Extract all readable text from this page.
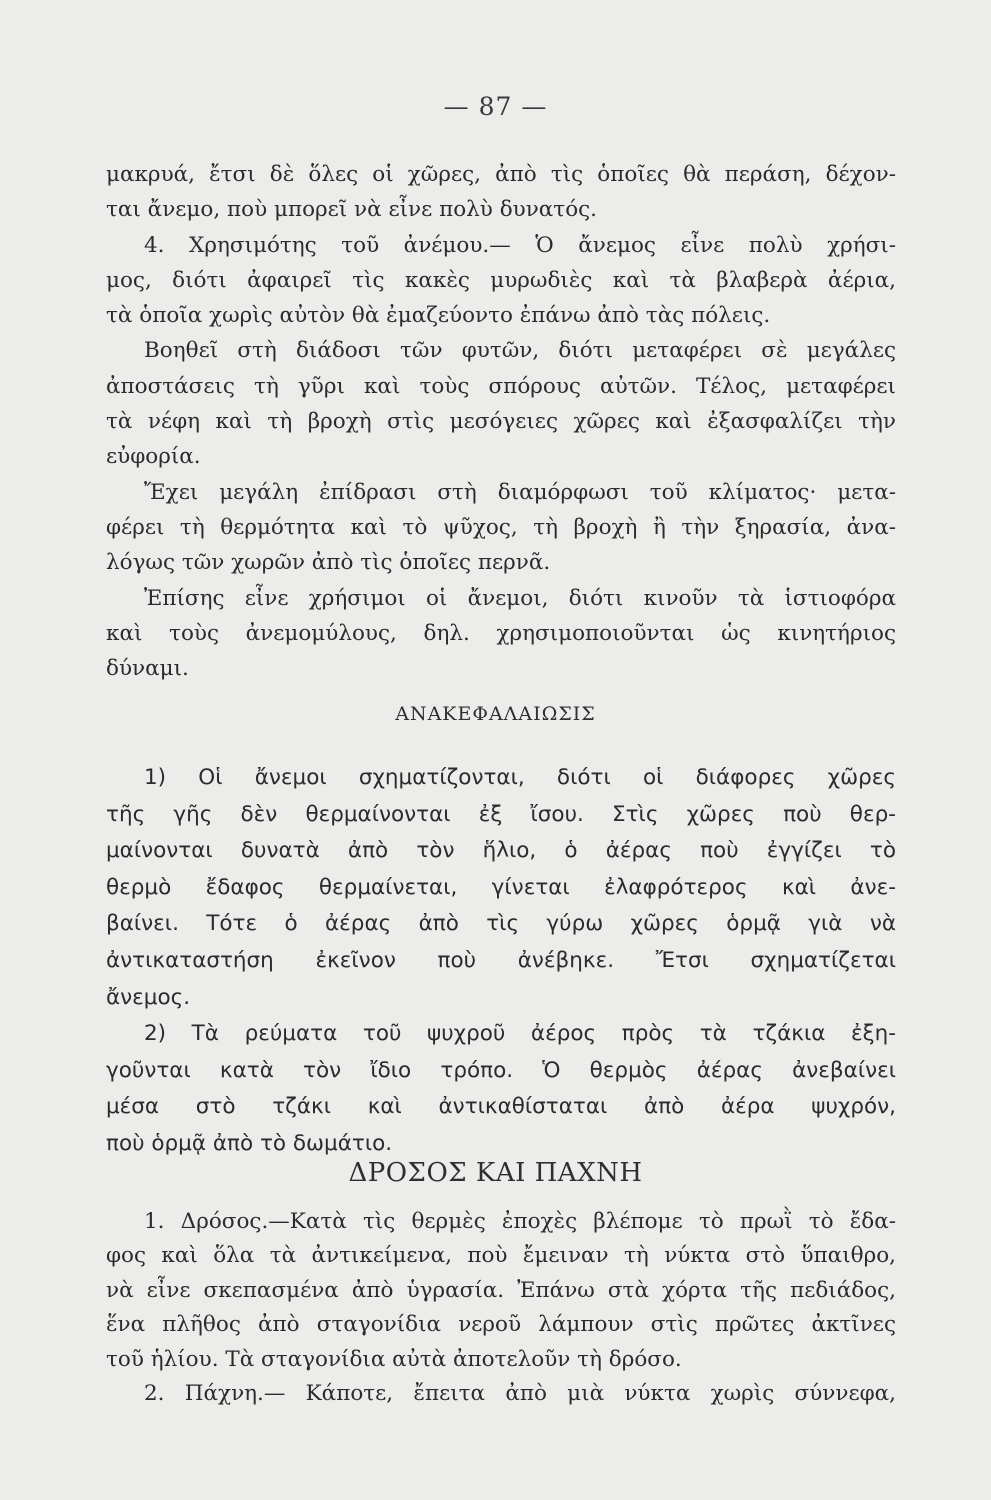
— 87 —
μακρυά, ἔτσι δὲ ὅλες οἱ χῶρες, ἀπὸ τὶς ὁποῖες θὰ περάση, δέχον-
ται ἄνεμο, ποὺ μπορεῖ νὰ εἶνε πολὺ δυνατός.
4. Χρησιμότης τοῦ ἀνέμου.— Ὁ ἄνεμος εἶνε πολὺ χρήσι-
μος, διότι ἀφαιρεῖ τὶς κακὲς μυρωδιὲς καὶ τὰ βλαβερὰ ἀέρια,
τὰ ὁποῖα χωρὶς αὐτὸν θὰ ἐμαζεύοντο ἐπάνω ἀπὸ τὰς πόλεις.
Βοηθεῖ στὴ διάδοσι τῶν φυτῶν, διότι μεταφέρει σὲ μεγάλες
ἀποστάσεις τὴ γῦρι καὶ τοὺς σπόρους αὐτῶν. Τέλος, μεταφέρει
τὰ νέφη καὶ τὴ βροχὴ στὶς μεσόγειες χῶρες καὶ ἐξασφαλίζει τὴν
εὐφορία.
Ἔχει μεγάλη ἐπίδρασι στὴ διαμόρφωσι τοῦ κλίματος· μετα-
φέρει τὴ θερμότητα καὶ τὸ ψῦχος, τὴ βροχὴ ἢ τὴν ξηρασία, ἀνα-
λόγως τῶν χωρῶν ἀπὸ τὶς ὁποῖες περνᾶ.
Ἐπίσης εἶνε χρήσιμοι οἱ ἄνεμοι, διότι κινοῦν τὰ ἱστιοφόρα
καὶ τοὺς ἀνεμομύλους, δηλ. χρησιμοποιοῦνται ὡς κινητήριος
δύναμι.
ΑΝΑΚΕΦΑΛΑΙΩΣΙΣ
1) Οἱ ἄνεμοι σχηματίζονται, διότι οἱ διάφορες χῶρες
τῆς γῆς δὲν θερμαίνονται ἐξ ἴσου. Στὶς χῶρες ποὺ θερ-
μαίνονται δυνατὰ ἀπὸ τὸν ἥλιο, ὁ ἀέρας ποὺ ἐγγίζει τὸ
θερμὸ ἔδαφος θερμαίνεται, γίνεται ἐλαφρότερος καὶ ἀνε-
βαίνει. Τότε ὁ ἀέρας ἀπὸ τὶς γύρω χῶρες ὁρμᾷ γιὰ νὰ
ἀντικαταστήση ἐκεῖνον ποὺ ἀνέβηκε. Ἔτσι σχηματίζεται
ἄνεμος.
2) Τὰ ρεύματα τοῦ ψυχροῦ ἀέρος πρὸς τὰ τζάκια ἐξη-
γοῦνται κατὰ τὸν ἴδιο τρόπο. Ὁ θερμὸς ἀέρας ἀνεβαίνει
μέσα στὸ τζάκι καὶ ἀντικαθίσταται ἀπὸ ἀέρα ψυχρόν,
ποὺ ὁρμᾷ ἀπὸ τὸ δωμάτιο.
ΔΡΟΣΟΣ ΚΑΙ ΠΑΧΝΗ
1. Δρόσος.—Κατὰ τὶς θερμὲς ἐποχὲς βλέπομε τὸ πρωῒ τὸ ἔδα-
φος καὶ ὅλα τὰ ἀντικείμενα, ποὺ ἔμειναν τὴ νύκτα στὸ ὕπαιθρο,
νὰ εἶνε σκεπασμένα ἀπὸ ὑγρασία. Ἐπάνω στὰ χόρτα τῆς πεδιάδος,
ἕνα πλῆθος ἀπὸ σταγονίδια νεροῦ λάμπουν στὶς πρῶτες ἀκτῖνες
τοῦ ἡλίου. Τὰ σταγονίδια αὐτὰ ἀποτελοῦν τὴ δρόσο.
2. Πάχνη.— Κάποτε, ἔπειτα ἀπὸ μιὰ νύκτα χωρὶς σύννεφα,
